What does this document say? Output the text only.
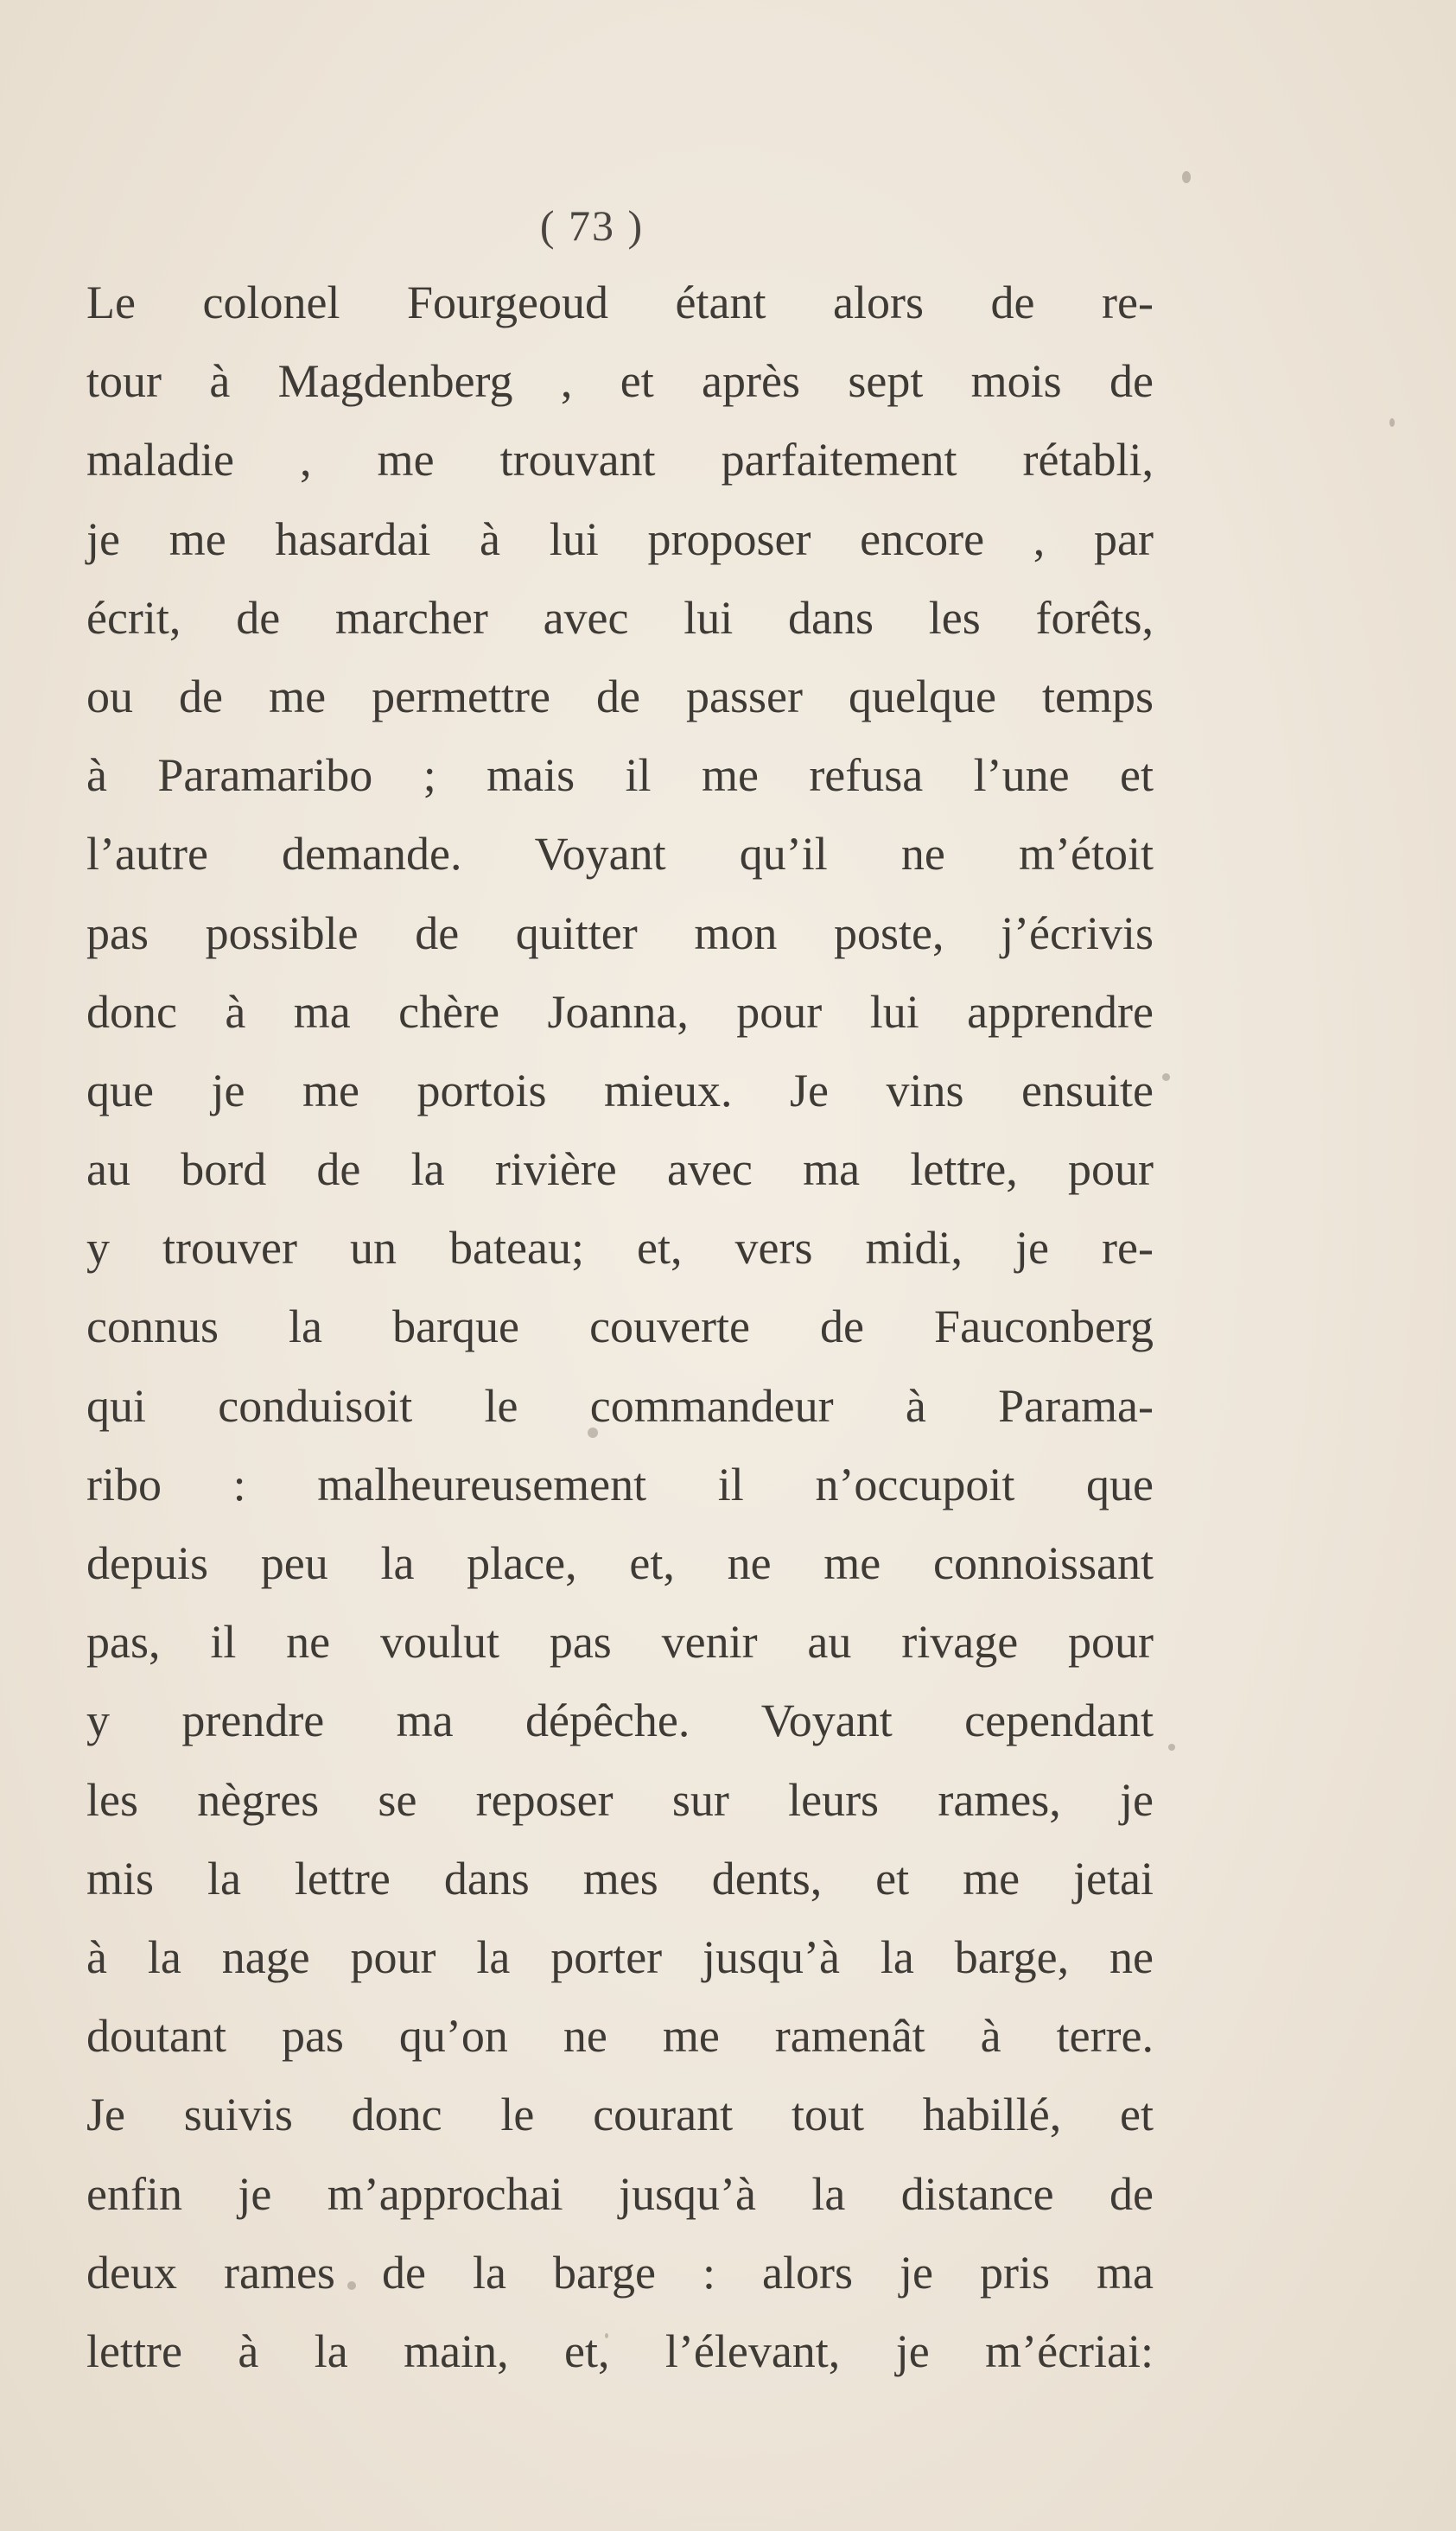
( 73 )
Le colonel Fourgeoud étant alors de re-
tour à Magdenberg , et après sept mois de
maladie , me trouvant parfaitement rétabli,
je me hasardai à lui proposer encore , par
écrit, de marcher avec lui dans les forêts,
ou de me permettre de passer quelque temps
à Paramaribo ; mais il me refusa l’une et
l’autre demande. Voyant qu’il ne m’étoit
pas possible de quitter mon poste, j’écrivis
donc à ma chère Joanna, pour lui apprendre
que je me portois mieux. Je vins ensuite
au bord de la rivière avec ma lettre, pour
y trouver un bateau; et, vers midi, je re-
connus la barque couverte de Fauconberg
qui conduisoit le commandeur à Parama-
ribo : malheureusement il n’occupoit que
depuis peu la place, et, ne me connoissant
pas, il ne voulut pas venir au rivage pour
y prendre ma dépêche. Voyant cependant
les nègres se reposer sur leurs rames, je
mis la lettre dans mes dents, et me jetai
à la nage pour la porter jusqu’à la barge, ne
doutant pas qu’on ne me ramenât à terre.
Je suivis donc le courant tout habillé, et
enfin je m’approchai jusqu’à la distance de
deux rames de la barge : alors je pris ma
lettre à la main, et, l’élevant, je m’écriai:
